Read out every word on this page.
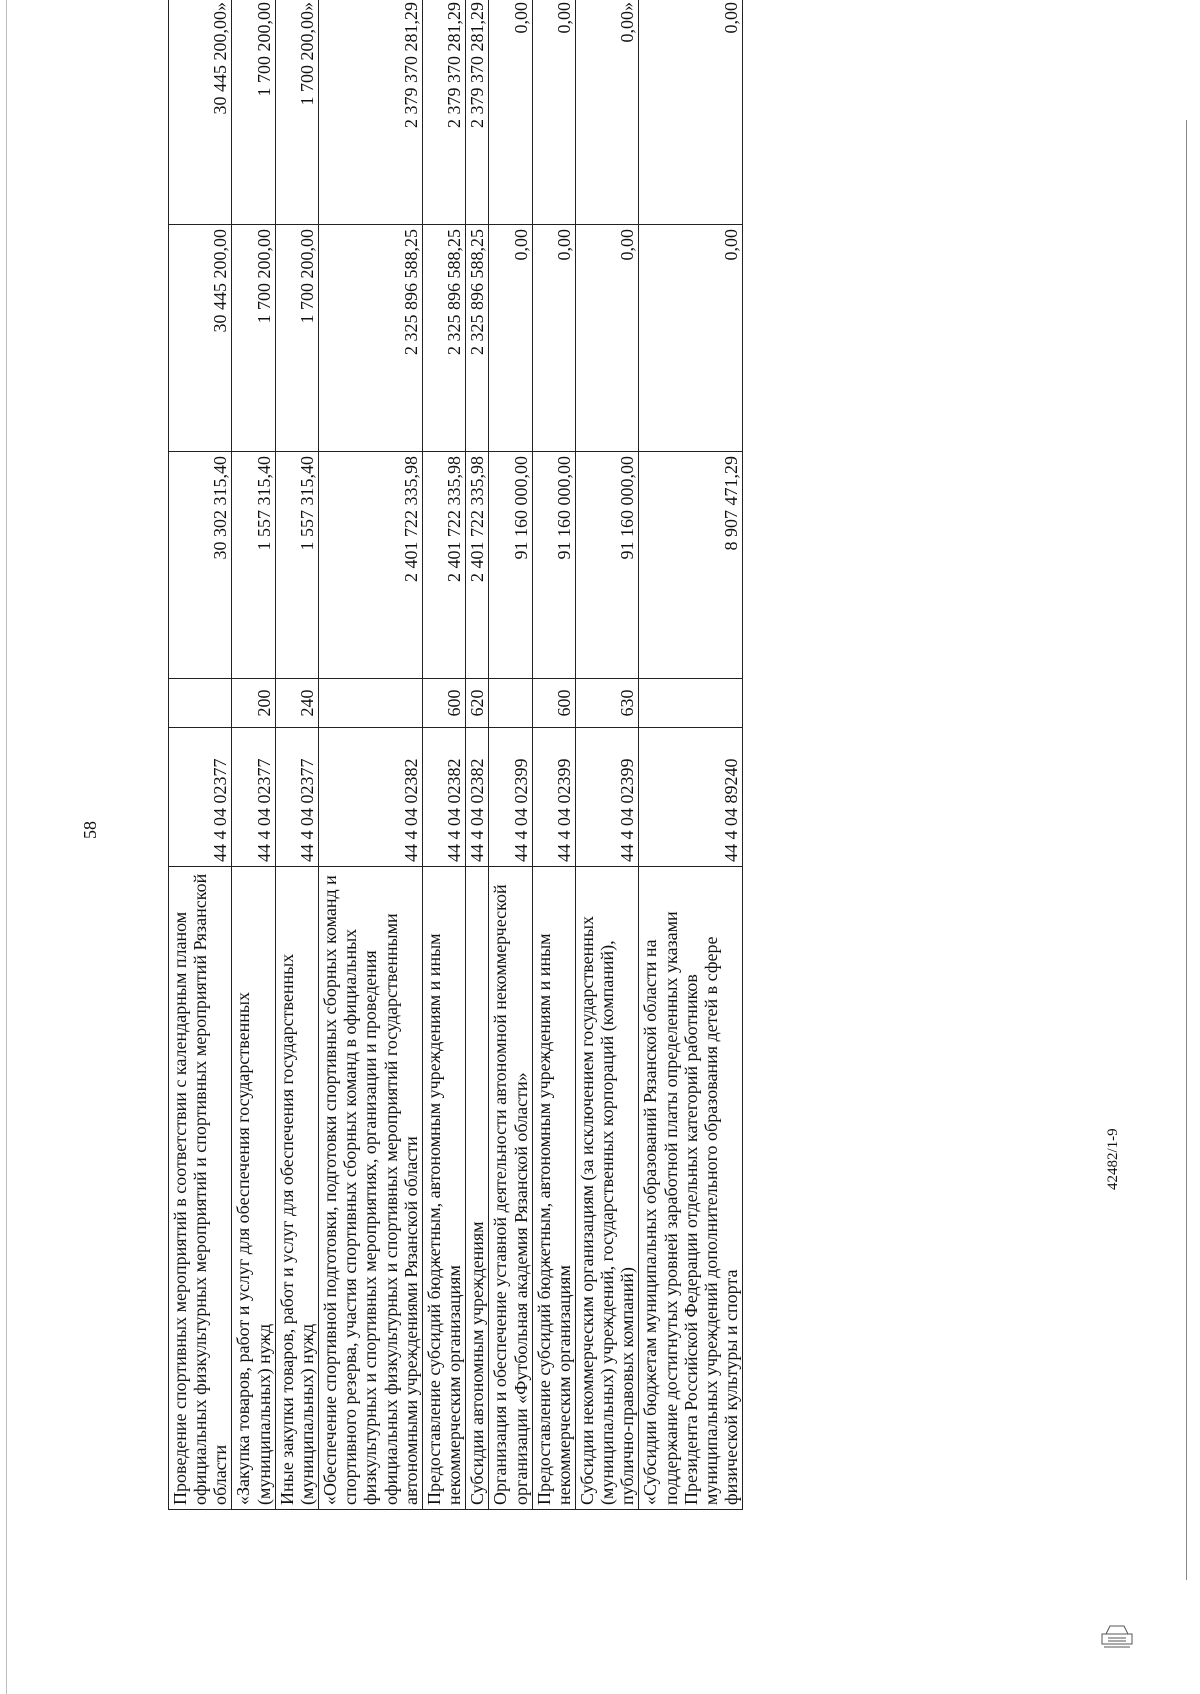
58
42482/1-9
Проведение спортивных мероприятий в соответствии с календарным планом официальных физкультурных мероприятий и спортивных мероприятий Рязанской области	44 4 04 02377		30 302 315,40	30 445 200,00	30 445 200,00»
«Закупка товаров, работ и услуг для обеспечения государственных (муниципальных) нужд	44 4 04 02377	200	1 557 315,40	1 700 200,00	1 700 200,00
Иные закупки товаров, работ и услуг для обеспечения государственных (муниципальных) нужд	44 4 04 02377	240	1 557 315,40	1 700 200,00	1 700 200,00»
«Обеспечение спортивной подготовки, подготовки спортивных сборных команд и спортивного резерва, участия спортивных сборных команд в официальных физкультурных и спортивных мероприятиях, организации и проведения официальных физкультурных и спортивных мероприятий государственными автономными учреждениями Рязанской области	44 4 04 02382		2 401 722 335,98	2 325 896 588,25	2 379 370 281,29
Предоставление субсидий бюджетным, автономным учреждениям и иным некоммерческим организациям	44 4 04 02382	600	2 401 722 335,98	2 325 896 588,25	2 379 370 281,29
Субсидии автономным учреждениям	44 4 04 02382	620	2 401 722 335,98	2 325 896 588,25	2 379 370 281,29
Организация и обеспечение уставной деятельности автономной некоммерческой организации «Футбольная академия Рязанской области»	44 4 04 02399		91 160 000,00	0,00	0,00
Предоставление субсидий бюджетным, автономным учреждениям и иным некоммерческим организациям	44 4 04 02399	600	91 160 000,00	0,00	0,00
Субсидии некоммерческим организациям (за исключением государственных (муниципальных) учреждений, государственных корпораций (компаний), публично-правовых компаний)	44 4 04 02399	630	91 160 000,00	0,00	0,00»
«Субсидии бюджетам муниципальных образований Рязанской области на поддержание достигнутых уровней заработной платы определенных указами Президента Российской Федерации отдельных категорий работников муниципальных учреждений дополнительного образования детей в сфере физической культуры и спорта	44 4 04 89240		8 907 471,29	0,00	0,00
